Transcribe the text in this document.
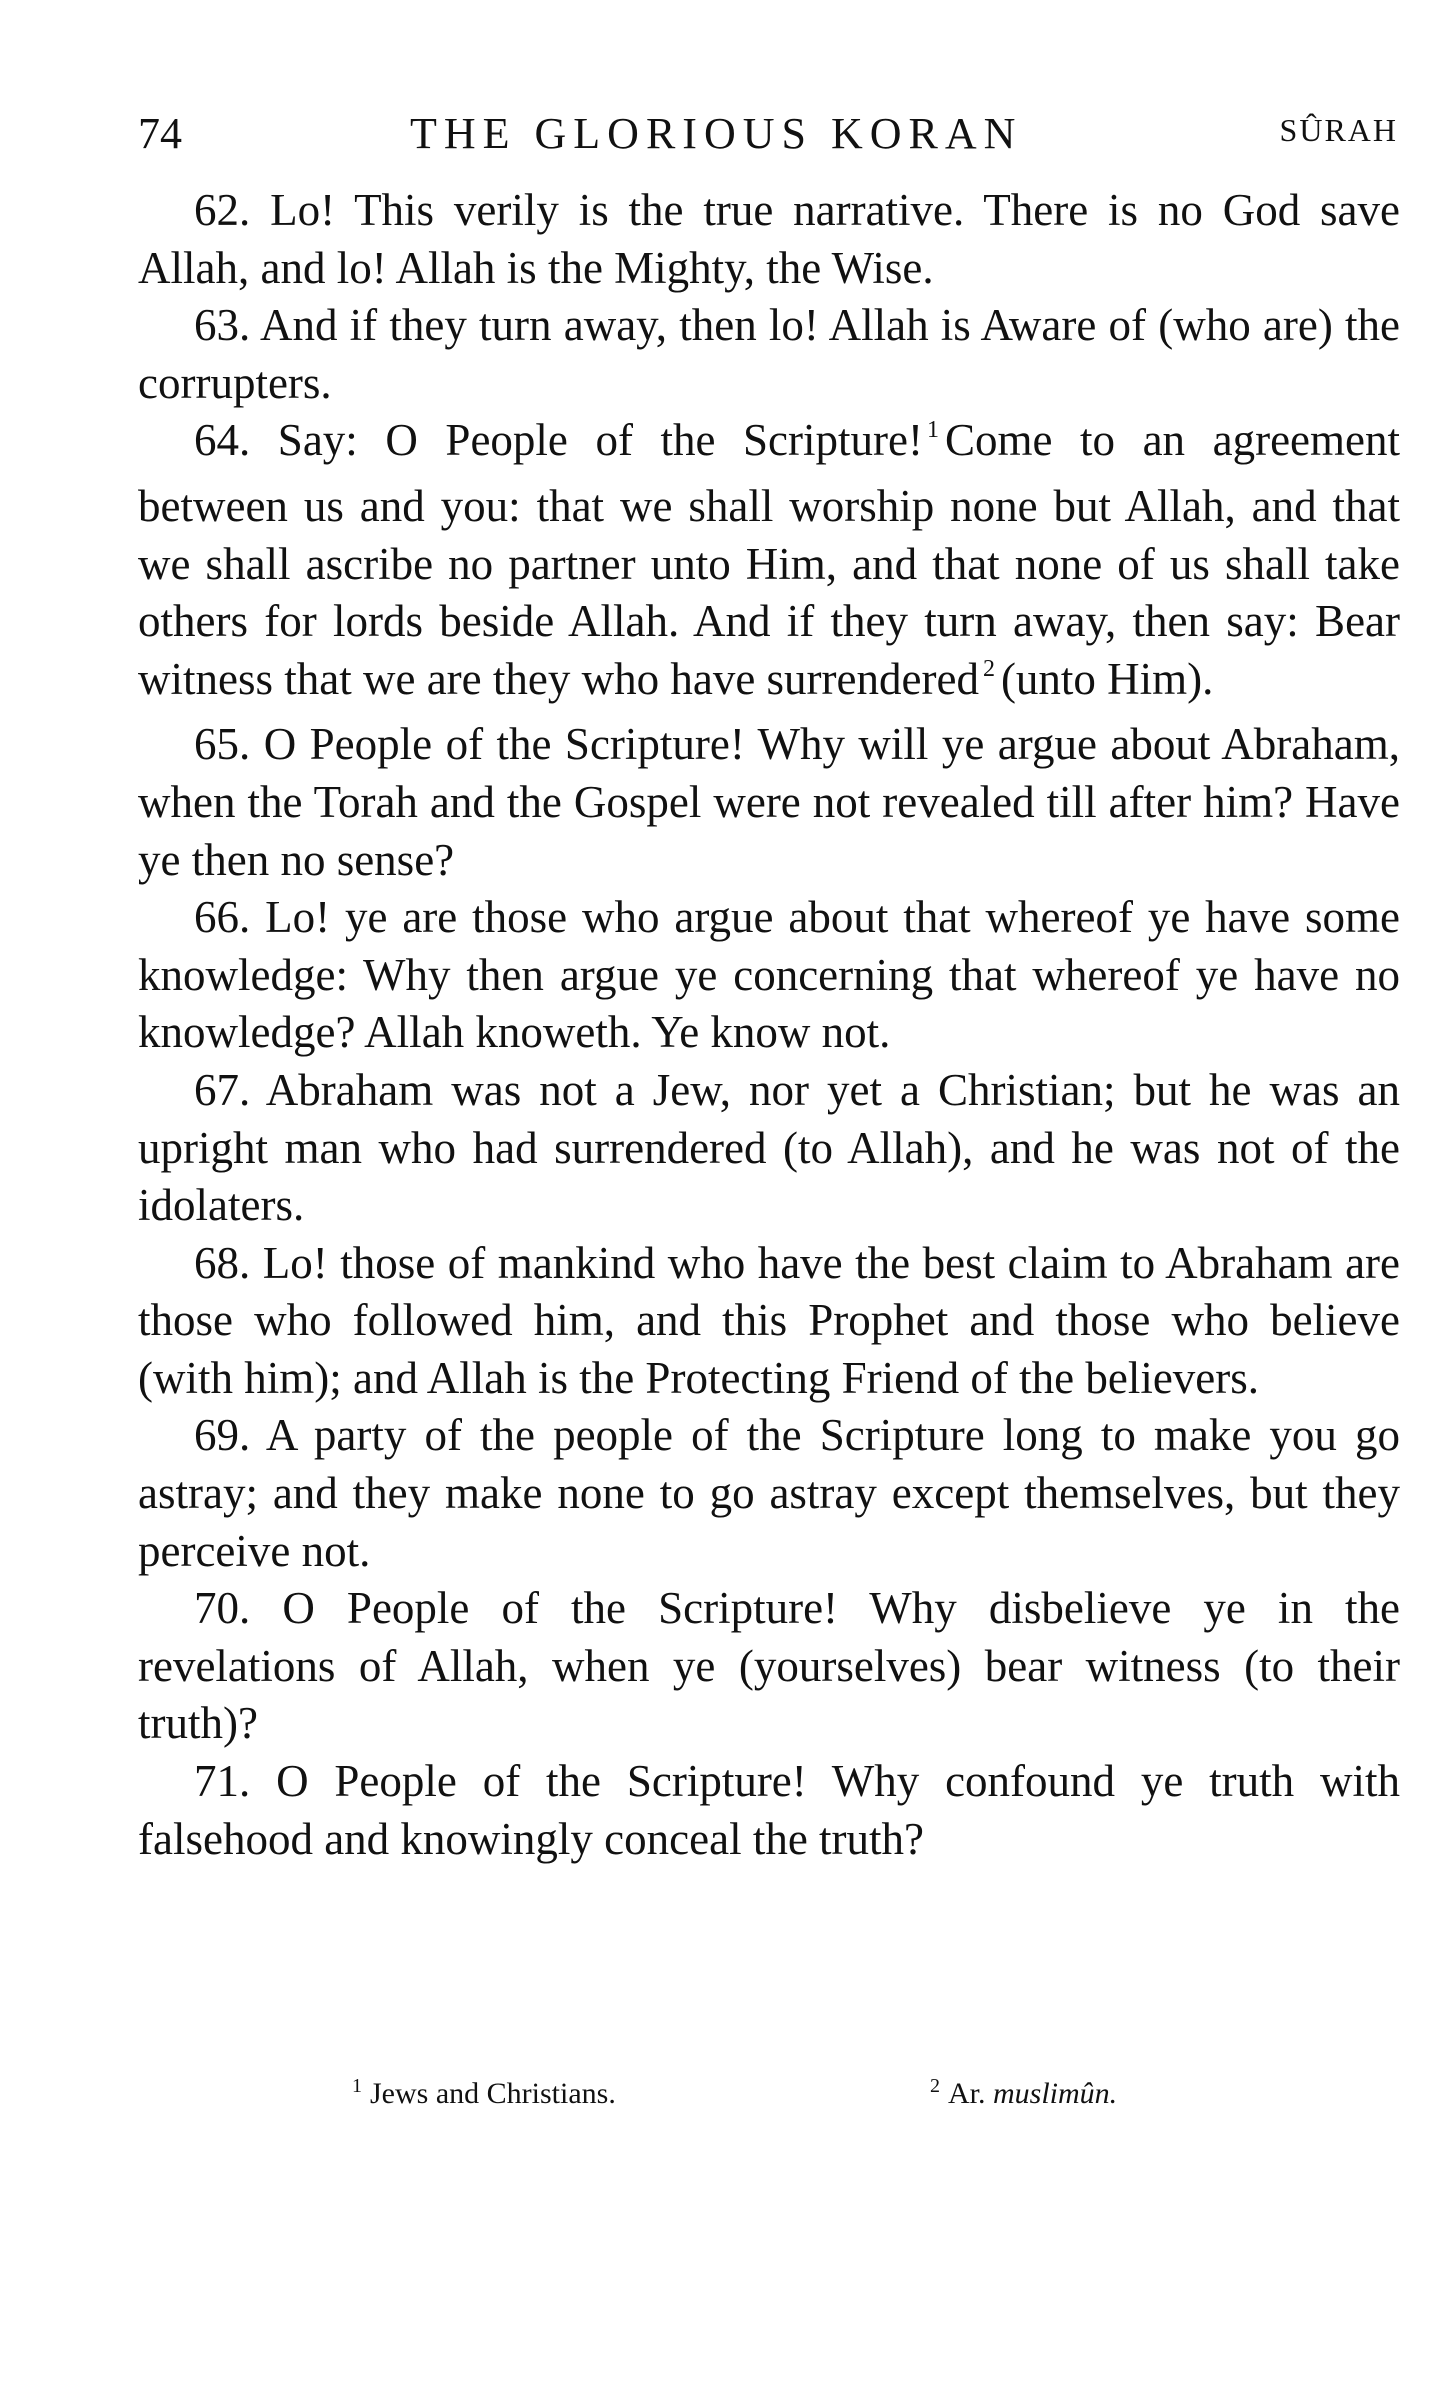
74	THE GLORIOUS KORAN	SÛRAH

62. Lo! This verily is the true narrative. There is no God save Allah, and lo! Allah is the Mighty, the Wise.

63. And if they turn away, then lo! Allah is Aware of (who are) the corrupters.

64. Say: O People of the Scripture! $^1$ Come to an agreement between us and you: that we shall worship none but Allah, and that we shall ascribe no partner unto Him, and that none of us shall take others for lords beside Allah. And if they turn away, then say: Bear witness that we are they who have surrendered $^2$ (unto Him).

65. O People of the Scripture! Why will ye argue about Abraham, when the Torah and the Gospel were not revealed till after him? Have ye then no sense?

66. Lo! ye are those who argue about that whereof ye have some knowledge: Why then argue ye concerning that whereof ye have no knowledge? Allah knoweth. Ye know not.

67. Abraham was not a Jew, nor yet a Christian; but he was an upright man who had surrendered (to Allah), and he was not of the idolaters.

68. Lo! those of mankind who have the best claim to Abraham are those who followed him, and this Prophet and those who believe (with him); and Allah is the Protecting Friend of the believers.

69. A party of the people of the Scripture long to make you go astray; and they make none to go astray except themselves, but they perceive not.

70. O People of the Scripture! Why disbelieve ye in the revelations of Allah, when ye (yourselves) bear witness (to their truth)?

71. O People of the Scripture! Why confound ye truth with falsehood and knowingly conceal the truth?

$^1$ Jews and Christians.	$^2$ Ar. muslimûn.
